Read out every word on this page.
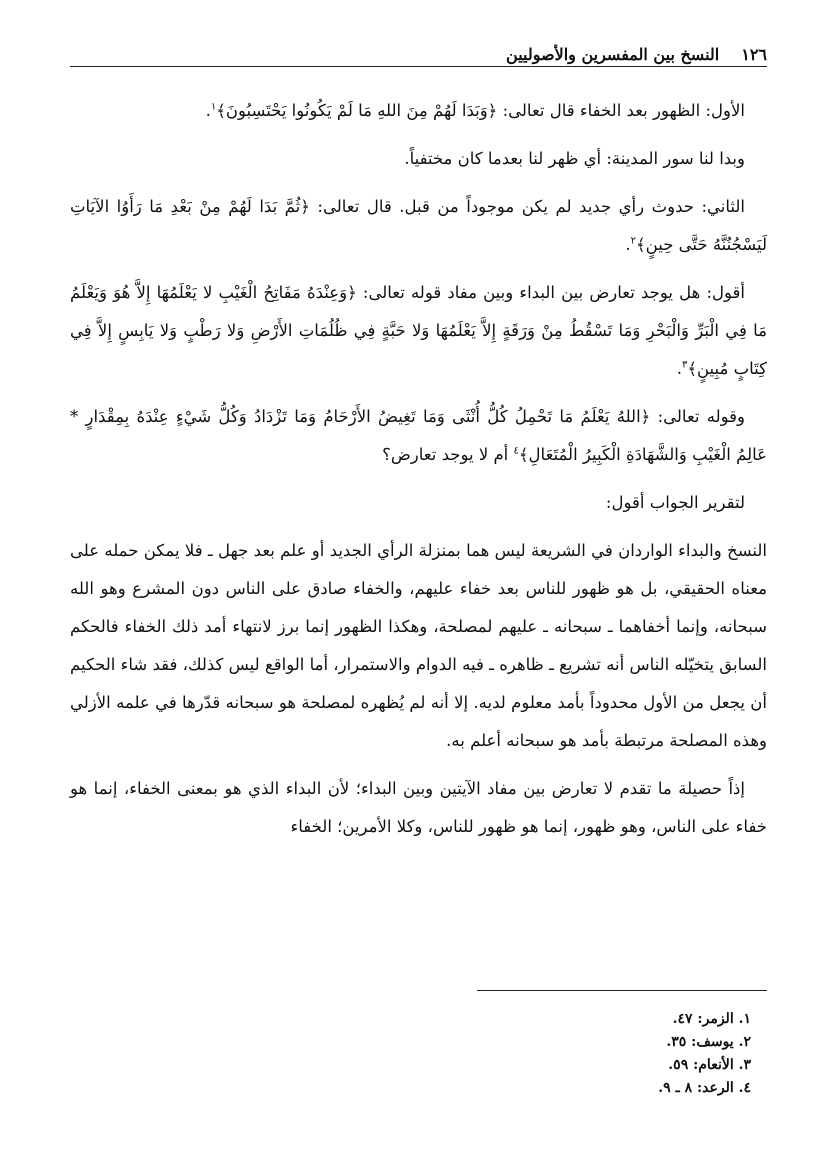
١٢٦
النسخ بين المفسرين والأصوليين

الأول: الظهور بعد الخفاء قال تعالى: ﴿وَبَدَا لَهُمْ مِنَ اللهِ مَا لَمْ يَكُونُوا يَحْتَسِبُونَ﴾$^١$.

وبدا لنا سور المدينة: أي ظهر لنا بعدما كان مختفياً.

الثاني: حدوث رأي جديد لم يكن موجوداً من قبل. قال تعالى: ﴿ثُمَّ بَدَا لَهُمْ مِنْ بَعْدِ مَا رَأَوُا الآيَاتِ لَيَسْجُنُنَّهُ حَتَّى حِينٍ﴾$^٢$.

أقول: هل يوجد تعارض بين البداء وبين مفاد قوله تعالى: ﴿وَعِنْدَهُ مَفَاتِحُ الْغَيْبِ لا يَعْلَمُهَا إِلاَّ هُوَ وَيَعْلَمُ مَا فِي الْبَرِّ وَالْبَحْرِ وَمَا تَسْقُطُ مِنْ وَرَقَةٍ إِلاَّ يَعْلَمُهَا وَلا حَبَّةٍ فِي ظُلُمَاتِ الأَرْضِ وَلا رَطْبٍ وَلا يَابِسٍ إِلاَّ فِي كِتَابٍ مُبِينٍ﴾$^٣$.

وقوله تعالى: ﴿اللهُ يَعْلَمُ مَا تَحْمِلُ كُلُّ أُنْثَى وَمَا تَغِيضُ الأَرْحَامُ وَمَا تَزْدَادُ وَكُلُّ شَيْءٍ عِنْدَهُ بِمِقْدَارٍ * عَالِمُ الْغَيْبِ وَالشَّهَادَةِ الْكَبِيرُ الْمُتَعَالِ﴾$^٤$ أم لا يوجد تعارض؟

لتقرير الجواب أقول:

النسخ والبداء الواردان في الشريعة ليس هما بمنزلة الرأي الجديد أو علم بعد جهل ـ فلا يمكن حمله على معناه الحقيقي، بل هو ظهور للناس بعد خفاء عليهم، والخفاء صادق على الناس دون المشرع وهو الله سبحانه، وإنما أخفاهما ـ سبحانه ـ عليهم لمصلحة، وهكذا الظهور إنما برز لانتهاء أمد ذلك الخفاء فالحكم السابق يتخيّله الناس أنه تشريع ـ ظاهره ـ فيه الدوام والاستمرار، أما الواقع ليس كذلك، فقد شاء الحكيم أن يجعل من الأول محدوداً بأمد معلوم لديه. إلا أنه لم يُظهره لمصلحة هو سبحانه قدّرها في علمه الأزلي وهذه المصلحة مرتبطة بأمد هو سبحانه أعلم به.

إذاً حصيلة ما تقدم لا تعارض بين مفاد الآيتين وبين البداء؛ لأن البداء الذي هو بمعنى الخفاء، إنما هو خفاء على الناس، وهو ظهور، إنما هو ظهور للناس، وكلا الأمرين؛ الخفاء

١. الزمر: ٤٧.
٢. يوسف: ٣٥.
٣. الأنعام: ٥٩.
٤. الرعد: ٨ ـ ٩.
